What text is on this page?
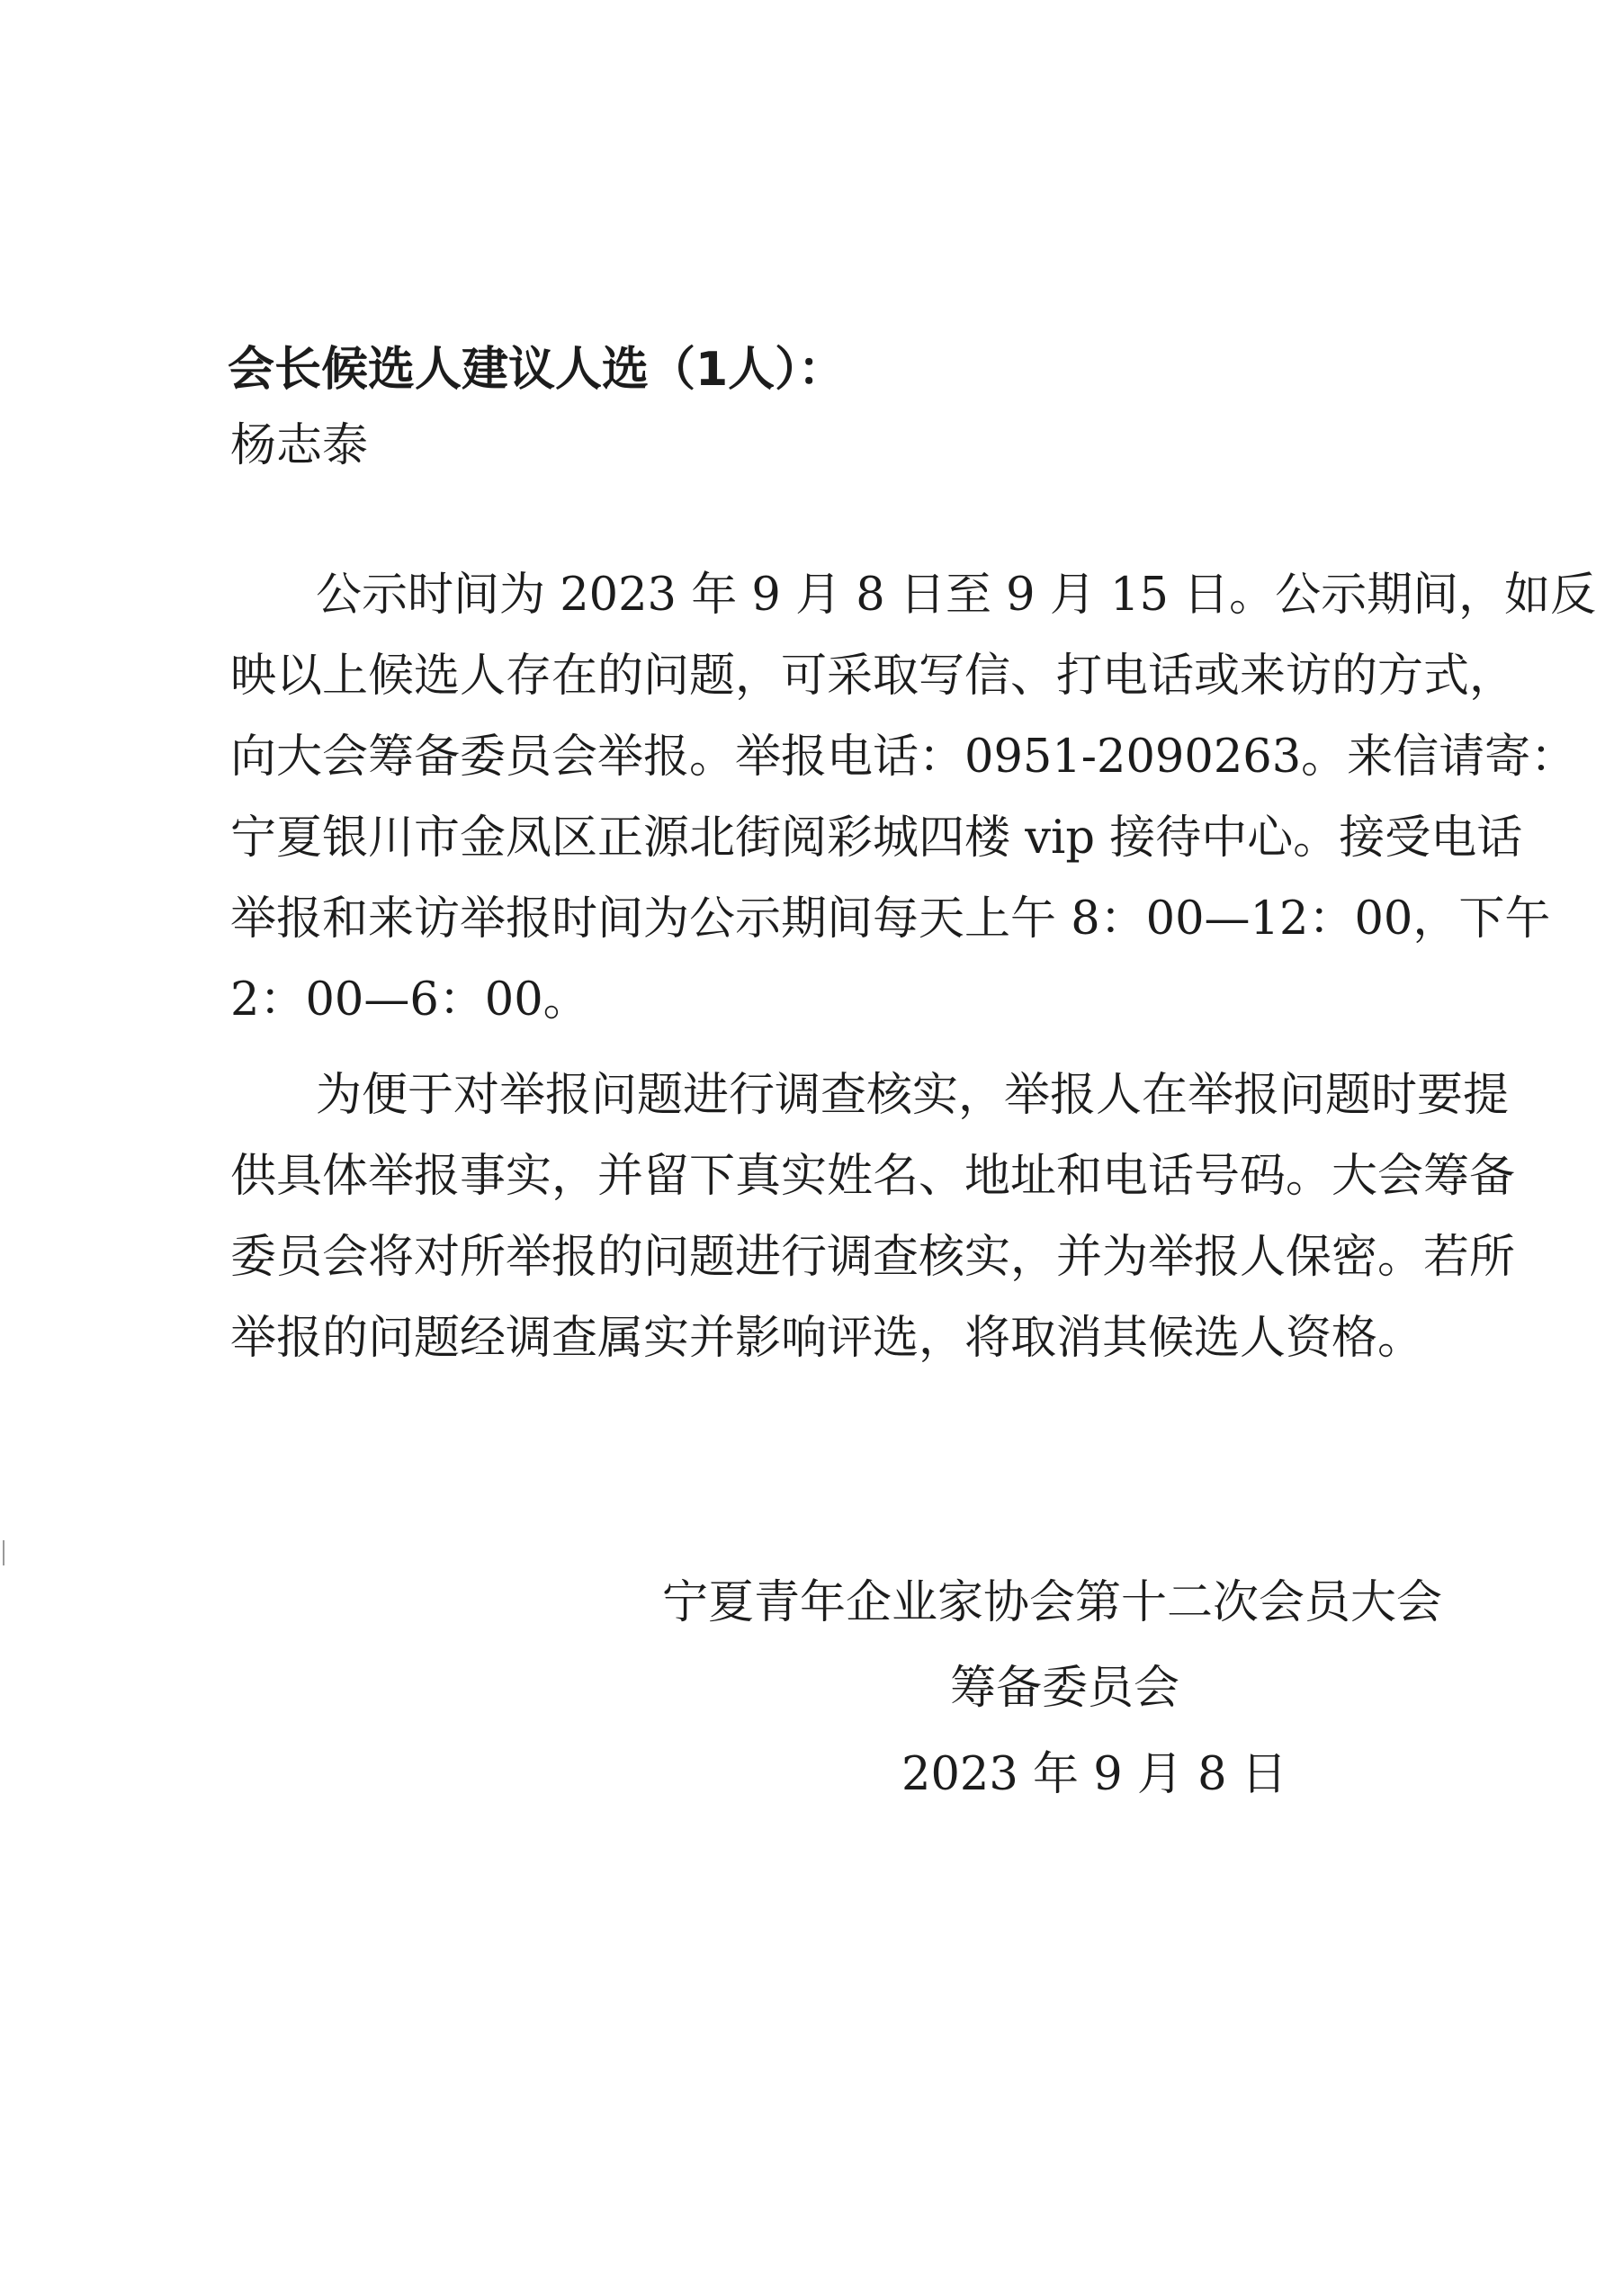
会长候选人建议人选（1人）：
杨志泰
公示时间为 2023 年 9 月 8 日至 9 月 15 日。公示期间，如反
映以上候选人存在的问题，可采取写信、打电话或来访的方式，
向大会筹备委员会举报。举报电话：0951-2090263。来信请寄：
宁夏银川市金凤区正源北街阅彩城四楼 vip 接待中心。接受电话
举报和来访举报时间为公示期间每天上午 8：00—12：00，下午
2：00—6：00。
为便于对举报问题进行调查核实，举报人在举报问题时要提
供具体举报事实，并留下真实姓名、地址和电话号码。大会筹备
委员会将对所举报的问题进行调查核实，并为举报人保密。若所
举报的问题经调查属实并影响评选，将取消其候选人资格。
宁夏青年企业家协会第十二次会员大会
筹备委员会
2023 年 9 月 8 日
